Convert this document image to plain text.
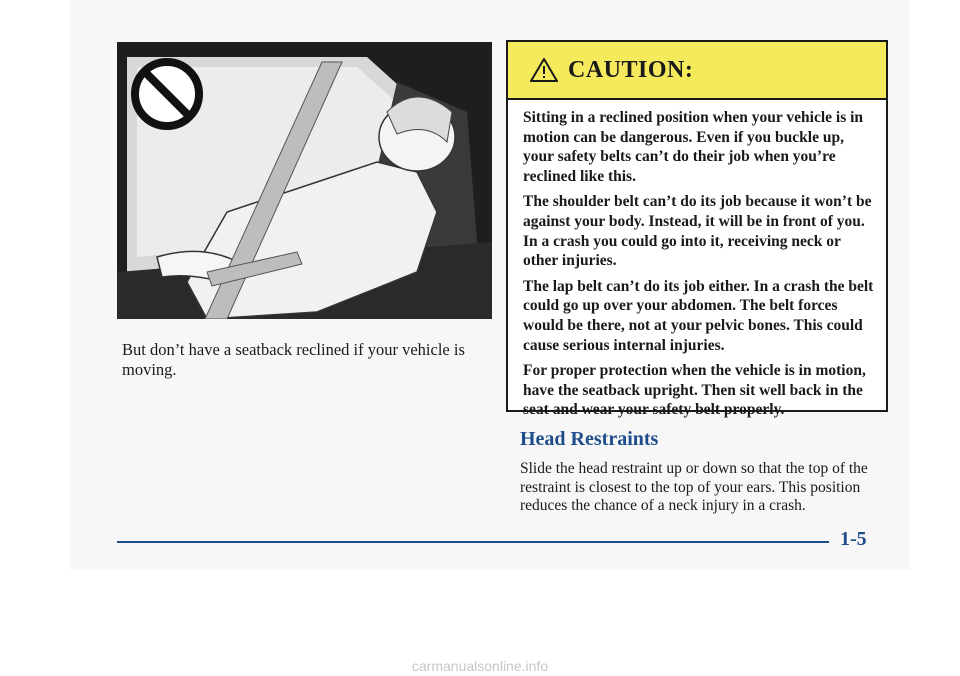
But don’t have a seatback reclined if your vehicle is moving.
CAUTION:

Sitting in a reclined position when your vehicle is in motion can be dangerous. Even if you buckle up, your safety belts can’t do their job when you’re reclined like this.

The shoulder belt can’t do its job because it won’t be against your body. Instead, it will be in front of you. In a crash you could go into it, receiving neck or other injuries.

The lap belt can’t do its job either. In a crash the belt could go up over your abdomen. The belt forces would be there, not at your pelvic bones. This could cause serious internal injuries.

For proper protection when the vehicle is in motion, have the seatback upright. Then sit well back in the seat and wear your safety belt properly.

Head Restraints
Slide the head restraint up or down so that the top of the restraint is closest to the top of your ears. This position reduces the chance of a neck injury in a crash.
1-5
carmanualsonline.info
